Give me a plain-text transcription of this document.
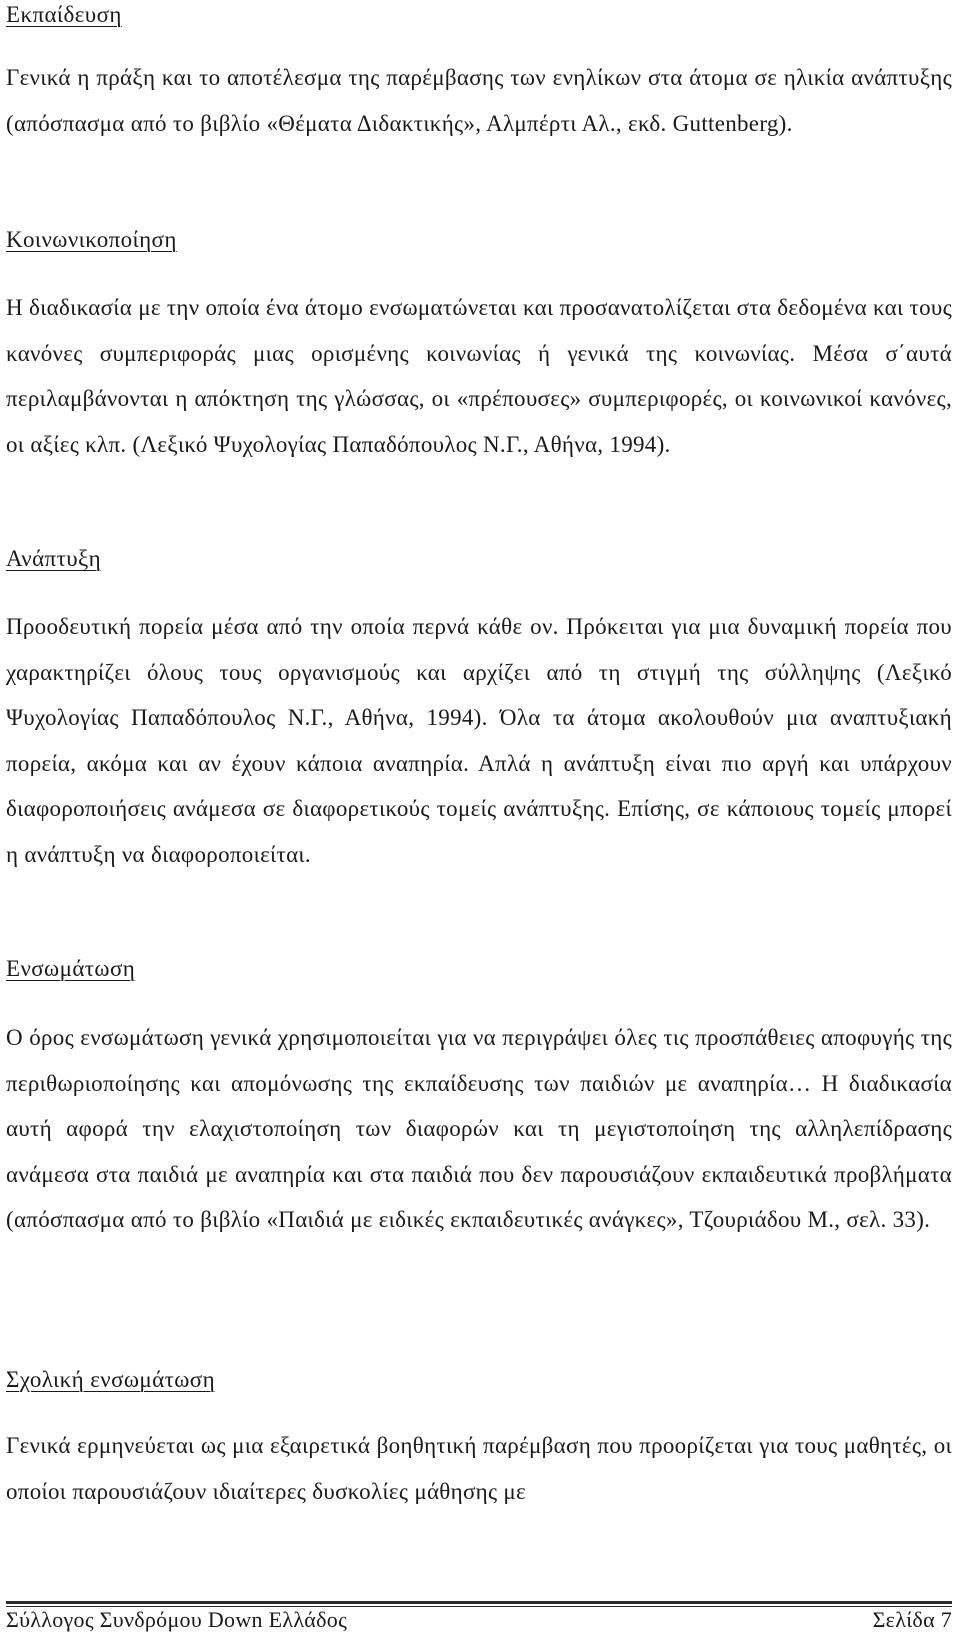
Εκπαίδευση

Γενικά η πράξη και το αποτέλεσμα της παρέμβασης των ενηλίκων στα άτομα σε ηλικία ανάπτυξης (απόσπασμα από το βιβλίο «Θέματα Διδακτικής», Αλμπέρτι Αλ., εκδ. Guttenberg).

Κοινωνικοποίηση

Η διαδικασία με την οποία ένα άτομο ενσωματώνεται και προσανατολίζεται στα δεδομένα και τους κανόνες συμπεριφοράς μιας ορισμένης κοινωνίας ή γενικά της κοινωνίας. Μέσα σ΄αυτά περιλαμβάνονται η απόκτηση της γλώσσας, οι «πρέπουσες» συμπεριφορές, οι κοινωνικοί κανόνες, οι αξίες κλπ. (Λεξικό Ψυχολογίας Παπαδόπουλος Ν.Γ., Αθήνα, 1994).

Ανάπτυξη

Προοδευτική πορεία μέσα από την οποία περνά κάθε ον. Πρόκειται για μια δυναμική πορεία που χαρακτηρίζει όλους τους οργανισμούς και αρχίζει από τη στιγμή της σύλληψης (Λεξικό Ψυχολογίας Παπαδόπουλος Ν.Γ., Αθήνα, 1994). Όλα τα άτομα ακολουθούν μια αναπτυξιακή πορεία, ακόμα και αν έχουν κάποια αναπηρία. Απλά η ανάπτυξη είναι πιο αργή και υπάρχουν διαφοροποιήσεις ανάμεσα σε διαφορετικούς τομείς ανάπτυξης. Επίσης, σε κάποιους τομείς μπορεί η ανάπτυξη να διαφοροποιείται.

Ενσωμάτωση

Ο όρος ενσωμάτωση γενικά χρησιμοποιείται για να περιγράψει όλες τις προσπάθειες αποφυγής της περιθωριοποίησης και απομόνωσης της εκπαίδευσης των παιδιών με αναπηρία… Η διαδικασία αυτή αφορά την ελαχιστοποίηση των διαφορών και τη μεγιστοποίηση της αλληλεπίδρασης ανάμεσα στα παιδιά με αναπηρία και στα παιδιά που δεν παρουσιάζουν εκπαιδευτικά προβλήματα (απόσπασμα από το βιβλίο «Παιδιά με ειδικές εκπαιδευτικές ανάγκες», Τζουριάδου Μ., σελ. 33).

Σχολική ενσωμάτωση

Γενικά ερμηνεύεται ως μια εξαιρετικά βοηθητική παρέμβαση που προορίζεται για τους μαθητές, οι οποίοι παρουσιάζουν ιδιαίτερες δυσκολίες μάθησης με

Σύλλογος Συνδρόμου Down Ελλάδος	Σελίδα 7
